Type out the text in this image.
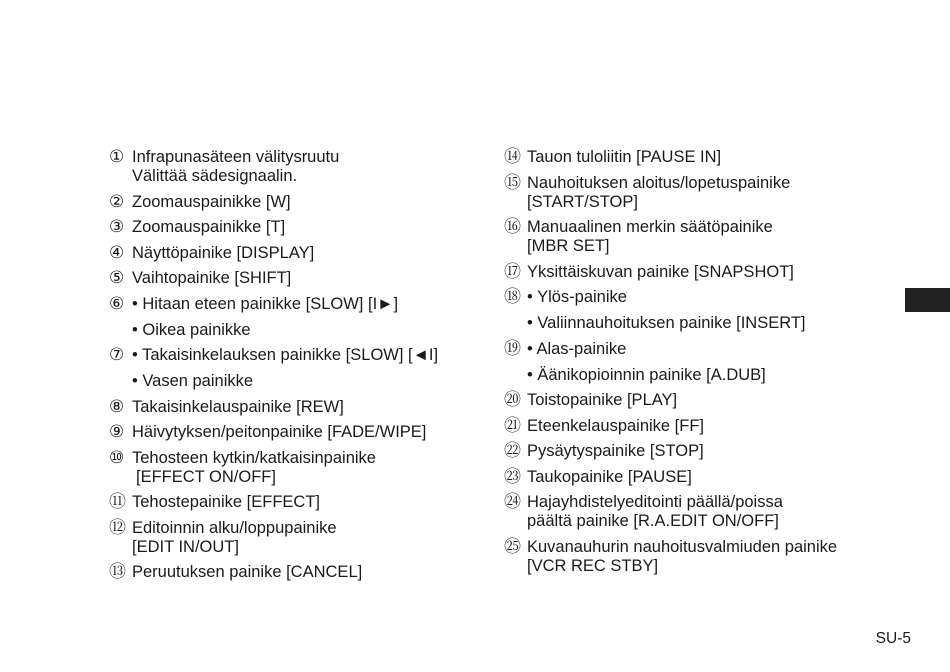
① Infrapunasäteen välitysruutu
Välittää sädesignaalin.
② Zoomauspainikke [W]
③ Zoomauspainikke [T]
④ Näyttöpainike [DISPLAY]
⑤ Vaihtopainike [SHIFT]
⑥ • Hitaan eteen painikke [SLOW] [I►]
• Oikea painikke
⑦ • Takaisinkelauksen painikke [SLOW] [◄I]
• Vasen painikke
⑧ Takaisinkelauspainike [REW]
⑨ Häivytyksen/peitonpainike [FADE/WIPE]
⑩ Tehosteen kytkin/katkaisinpainike
[EFFECT ON/OFF]
⑪ Tehostepainike [EFFECT]
⑫ Editoinnin alku/loppupainike
[EDIT IN/OUT]
⑬ Peruutuksen painike [CANCEL]
⑭ Tauon tuloliitin [PAUSE IN]
⑮ Nauhoituksen aloitus/lopetuspainike
[START/STOP]
⑯ Manuaalinen merkin säätöpainike
[MBR SET]
⑰ Yksittäiskuvan painike [SNAPSHOT]
⑱ • Ylös-painike
• Valiinnauhoituksen painike [INSERT]
⑲ • Alas-painike
• Äänikopioinnin painike [A.DUB]
⑳ Toistopainike [PLAY]
㉑ Eteenkelauspainike [FF]
㉒ Pysäytyspainike [STOP]
㉓ Taukopainike [PAUSE]
㉔ Hajayhdistelyeditointi päällä/poissa
päältä painike [R.A.EDIT ON/OFF]
㉕ Kuvanauhurin nauhoitusvalmiuden painike
[VCR REC STBY]
SU-5
